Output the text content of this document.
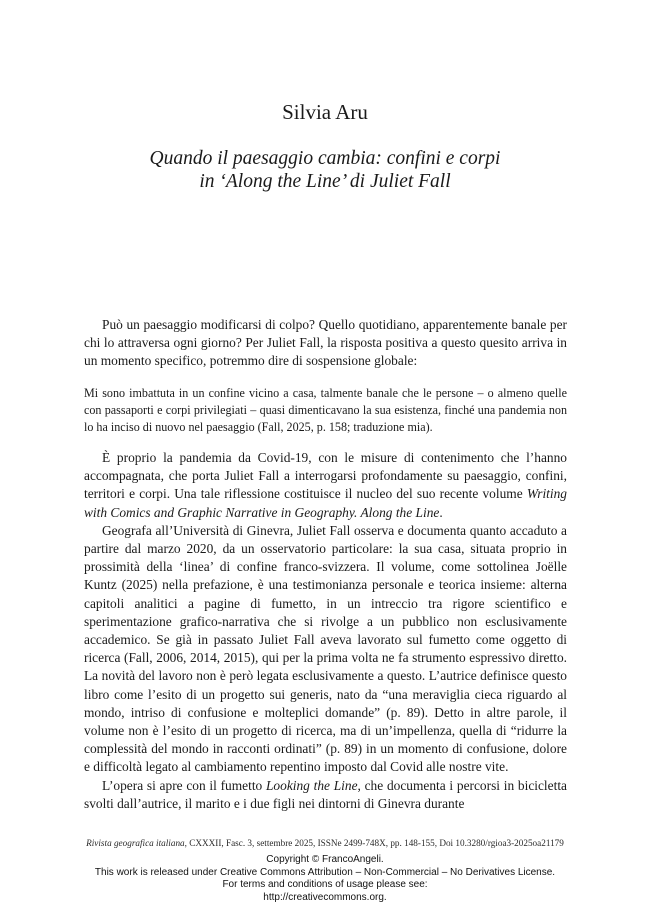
Silvia Aru
Quando il paesaggio cambia: confini e corpi
in ‘Along the Line’ di Juliet Fall

Può un paesaggio modificarsi di colpo? Quello quotidiano, apparentemente banale per chi lo attraversa ogni giorno? Per Juliet Fall, la risposta positiva a questo quesito arriva in un momento specifico, potremmo dire di sospensione globale:

Mi sono imbattuta in un confine vicino a casa, talmente banale che le persone – o almeno quelle con passaporti e corpi privilegiati – quasi dimenticavano la sua esistenza, finché una pandemia non lo ha inciso di nuovo nel paesaggio (Fall, 2025, p. 158; traduzione mia).

È proprio la pandemia da Covid-19, con le misure di contenimento che l’hanno accompagnata, che porta Juliet Fall a interrogarsi profondamente su paesaggio, confini, territori e corpi. Una tale riflessione costituisce il nucleo del suo recente volume Writing with Comics and Graphic Narrative in Geography. Along the Line.

Geografa all’Università di Ginevra, Juliet Fall osserva e documenta quanto accaduto a partire dal marzo 2020, da un osservatorio particolare: la sua casa, situata proprio in prossimità della ‘linea’ di confine franco-svizzera. Il volume, come sottolinea Joëlle Kuntz (2025) nella prefazione, è una testimonianza personale e teorica insieme: alterna capitoli analitici a pagine di fumetto, in un intreccio tra rigore scientifico e sperimentazione grafico-narrativa che si rivolge a un pubblico non esclusivamente accademico. Se già in passato Juliet Fall aveva lavorato sul fumetto come oggetto di ricerca (Fall, 2006, 2014, 2015), qui per la prima volta ne fa strumento espressivo diretto. La novità del lavoro non è però legata esclusivamente a questo. L’autrice definisce questo libro come l’esito di un progetto sui generis, nato da “una meraviglia cieca riguardo al mondo, intriso di confusione e molteplici domande” (p. 89). Detto in altre parole, il volume non è l’esito di un progetto di ricerca, ma di un’impellenza, quella di “ridurre la complessità del mondo in racconti ordinati” (p. 89) in un momento di confusione, dolore e difficoltà legato al cambiamento repentino imposto dal Covid alle nostre vite.

L’opera si apre con il fumetto Looking the Line, che documenta i percorsi in bicicletta svolti dall’autrice, il marito e i due figli nei dintorni di Ginevra durante

Rivista geografica italiana, CXXXII, Fasc. 3, settembre 2025, ISSNe 2499-748X, pp. 148-155, Doi 10.3280/rgioa3-2025oa21179
Copyright © FrancoAngeli.
This work is released under Creative Commons Attribution – Non-Commercial – No Derivatives License.
For terms and conditions of usage please see:
http://creativecommons.org.
